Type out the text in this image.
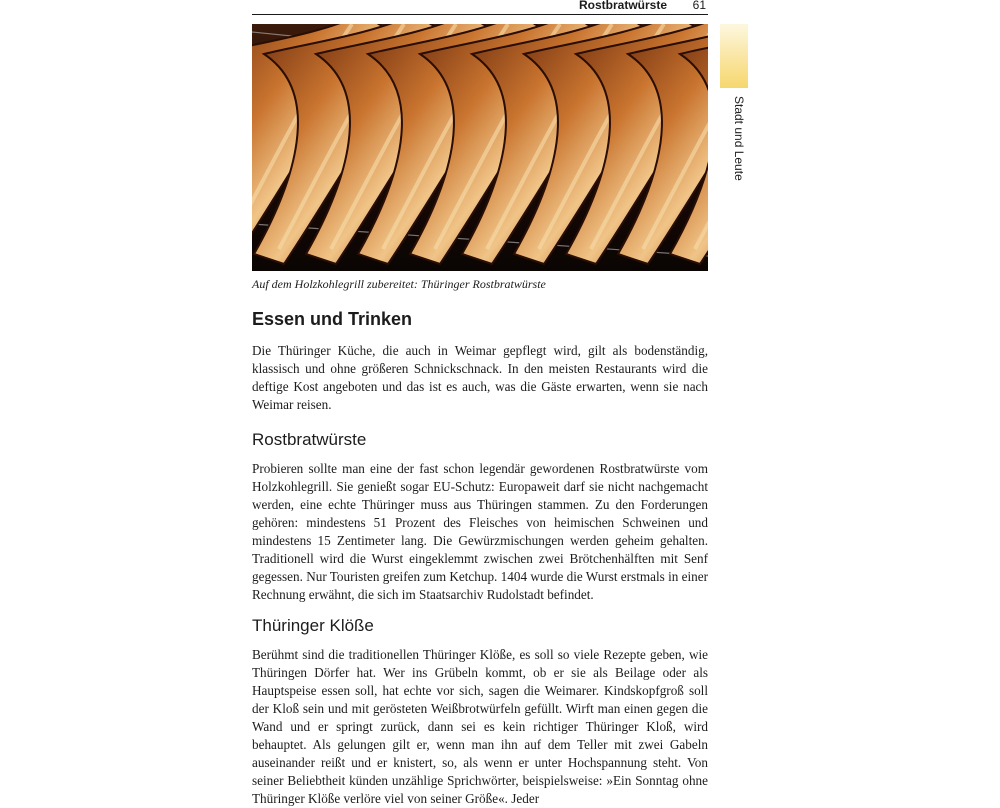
Rostbratwürste 61

Auf dem Holzkohlegrill zubereitet: Thüringer Rostbratwürste

Stadt und Leute
Essen und Trinken

Die Thüringer Küche, die auch in Weimar gepflegt wird, gilt als bodenständig, klassisch und ohne größeren Schnickschnack. In den meisten Restaurants wird die deftige Kost angeboten und das ist es auch, was die Gäste erwarten, wenn sie nach Weimar reisen.

Rostbratwürste

Probieren sollte man eine der fast schon legendär gewordenen Rostbratwürste vom Holzkohlegrill. Sie genießt sogar EU-Schutz: Europaweit darf sie nicht nachgemacht werden, eine echte Thüringer muss aus Thüringen stammen. Zu den Forderungen gehören: mindestens 51 Prozent des Fleisches von heimischen Schweinen und mindestens 15 Zentimeter lang. Die Gewürzmischungen werden geheim gehalten. Traditionell wird die Wurst eingeklemmt zwischen zwei Brötchenhälften mit Senf gegessen. Nur Touristen greifen zum Ketchup. 1404 wurde die Wurst erstmals in einer Rechnung erwähnt, die sich im Staatsarchiv Rudolstadt befindet.

Thüringer Klöße

Berühmt sind die traditionellen Thüringer Klöße, es soll so viele Rezepte geben, wie Thüringen Dörfer hat. Wer ins Grübeln kommt, ob er sie als Beilage oder als Hauptspeise essen soll, hat echte vor sich, sagen die Weimarer. Kindskopfgroß soll der Kloß sein und mit gerösteten Weißbrotwürfeln gefüllt. Wirft man einen gegen die Wand und er springt zurück, dann sei es kein richtiger Thüringer Kloß, wird behauptet. Als gelungen gilt er, wenn man ihn auf dem Teller mit zwei Gabeln auseinander reißt und er knistert, so, als wenn er unter Hochspannung steht. Von seiner Beliebtheit künden unzählige Sprichwörter, beispielsweise: »Ein Sonntag ohne Thüringer Klöße verlöre viel von seiner Größe«. Jeder
